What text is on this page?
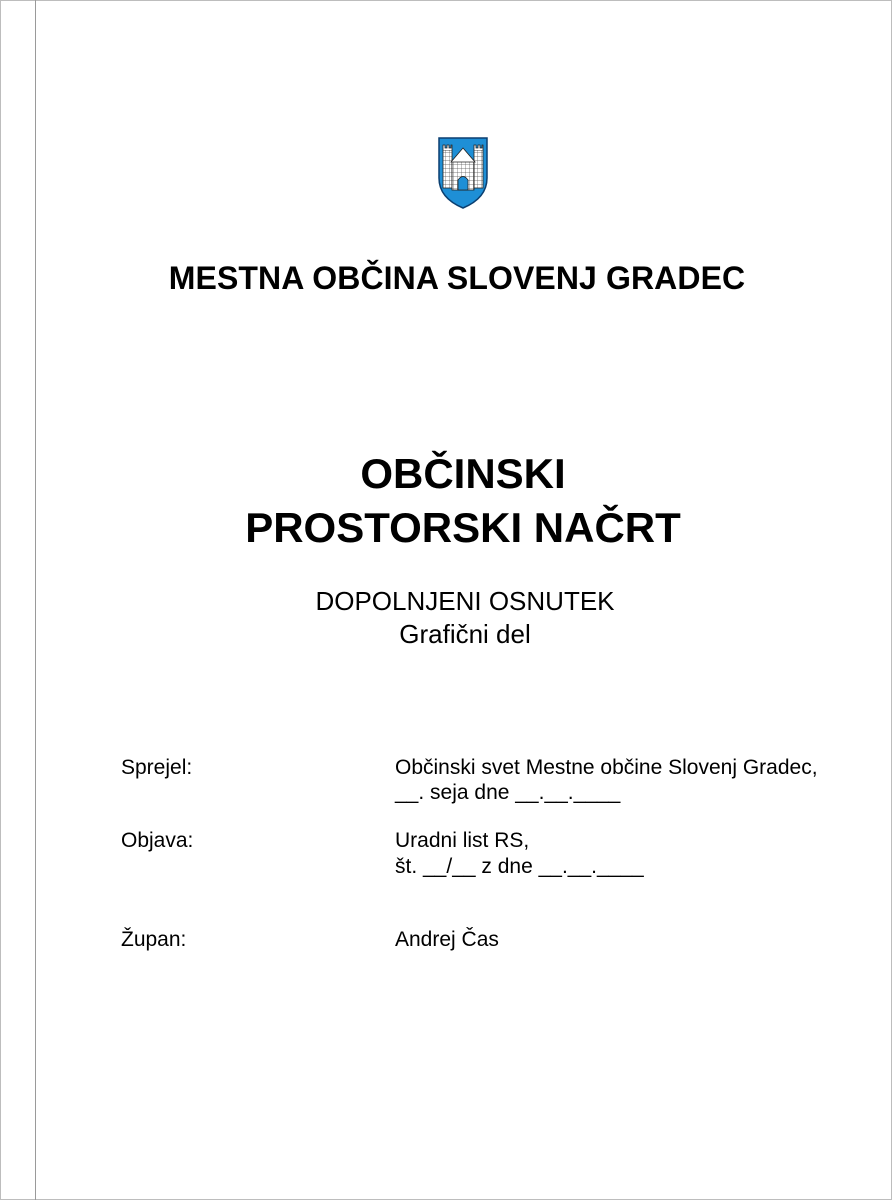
MESTNA OBČINA SLOVENJ GRADEC
OBČINSKI
PROSTORSKI NAČRT
DOPOLNJENI OSNUTEK
Grafični del
Sprejel:	Občinski svet Mestne občine Slovenj Gradec,
__. seja dne __.__.____
Objava:	Uradni list RS,
št. __/__ z dne __.__.____
Župan:	Andrej Čas
